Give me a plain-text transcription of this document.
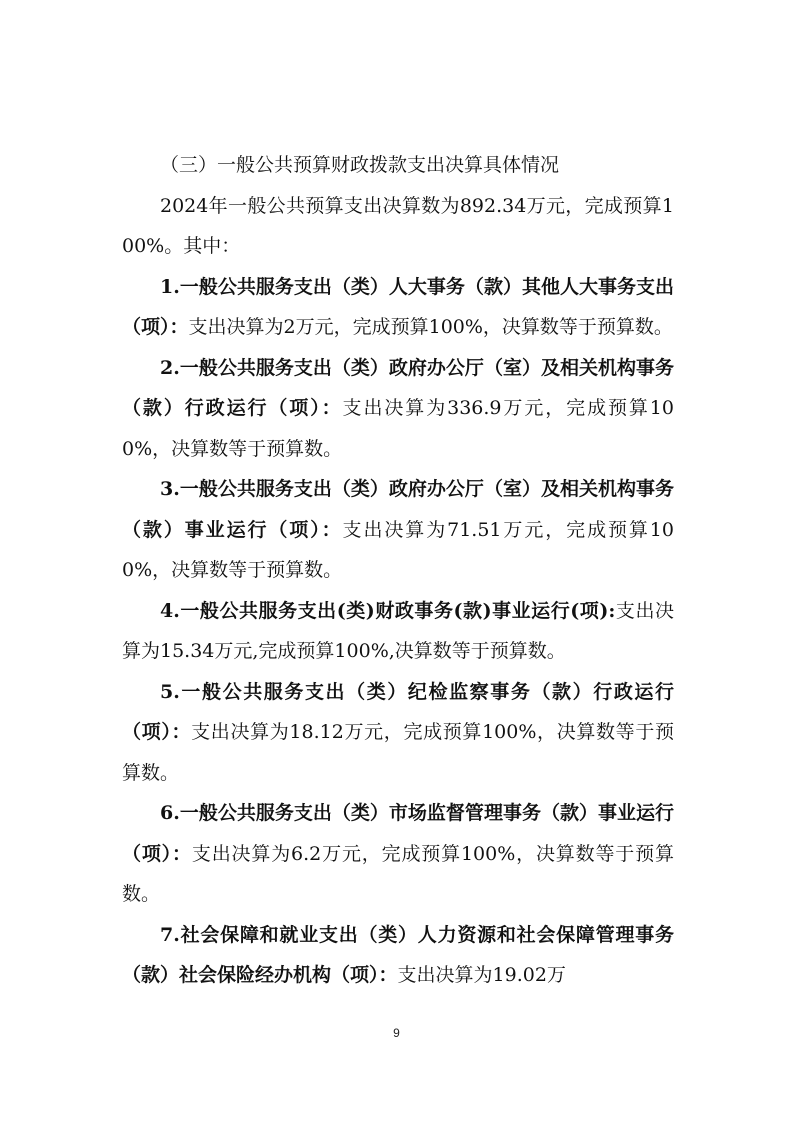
（三）一般公共预算财政拨款支出决算具体情况

2024年一般公共预算支出决算数为892.34万元，完成预算100%。其中：

1.一般公共服务支出（类）人大事务（款）其他人大事务支出（项）：支出决算为2万元，完成预算100%，决算数等于预算数。

2.一般公共服务支出（类）政府办公厅（室）及相关机构事务（款）行政运行（项）：支出决算为336.9万元，完成预算100%，决算数等于预算数。

3.一般公共服务支出（类）政府办公厅（室）及相关机构事务（款）事业运行（项）：支出决算为71.51万元，完成预算100%，决算数等于预算数。

4.一般公共服务支出(类)财政事务(款)事业运行(项):支出决算为15.34万元,完成预算100%,决算数等于预算数。

5.一般公共服务支出（类）纪检监察事务（款）行政运行（项）：支出决算为18.12万元，完成预算100%，决算数等于预算数。

6.一般公共服务支出（类）市场监督管理事务（款）事业运行（项）：支出决算为6.2万元，完成预算100%，决算数等于预算数。

7.社会保障和就业支出（类）人力资源和社会保障管理事务（款）社会保险经办机构（项）：支出决算为19.02万

9
